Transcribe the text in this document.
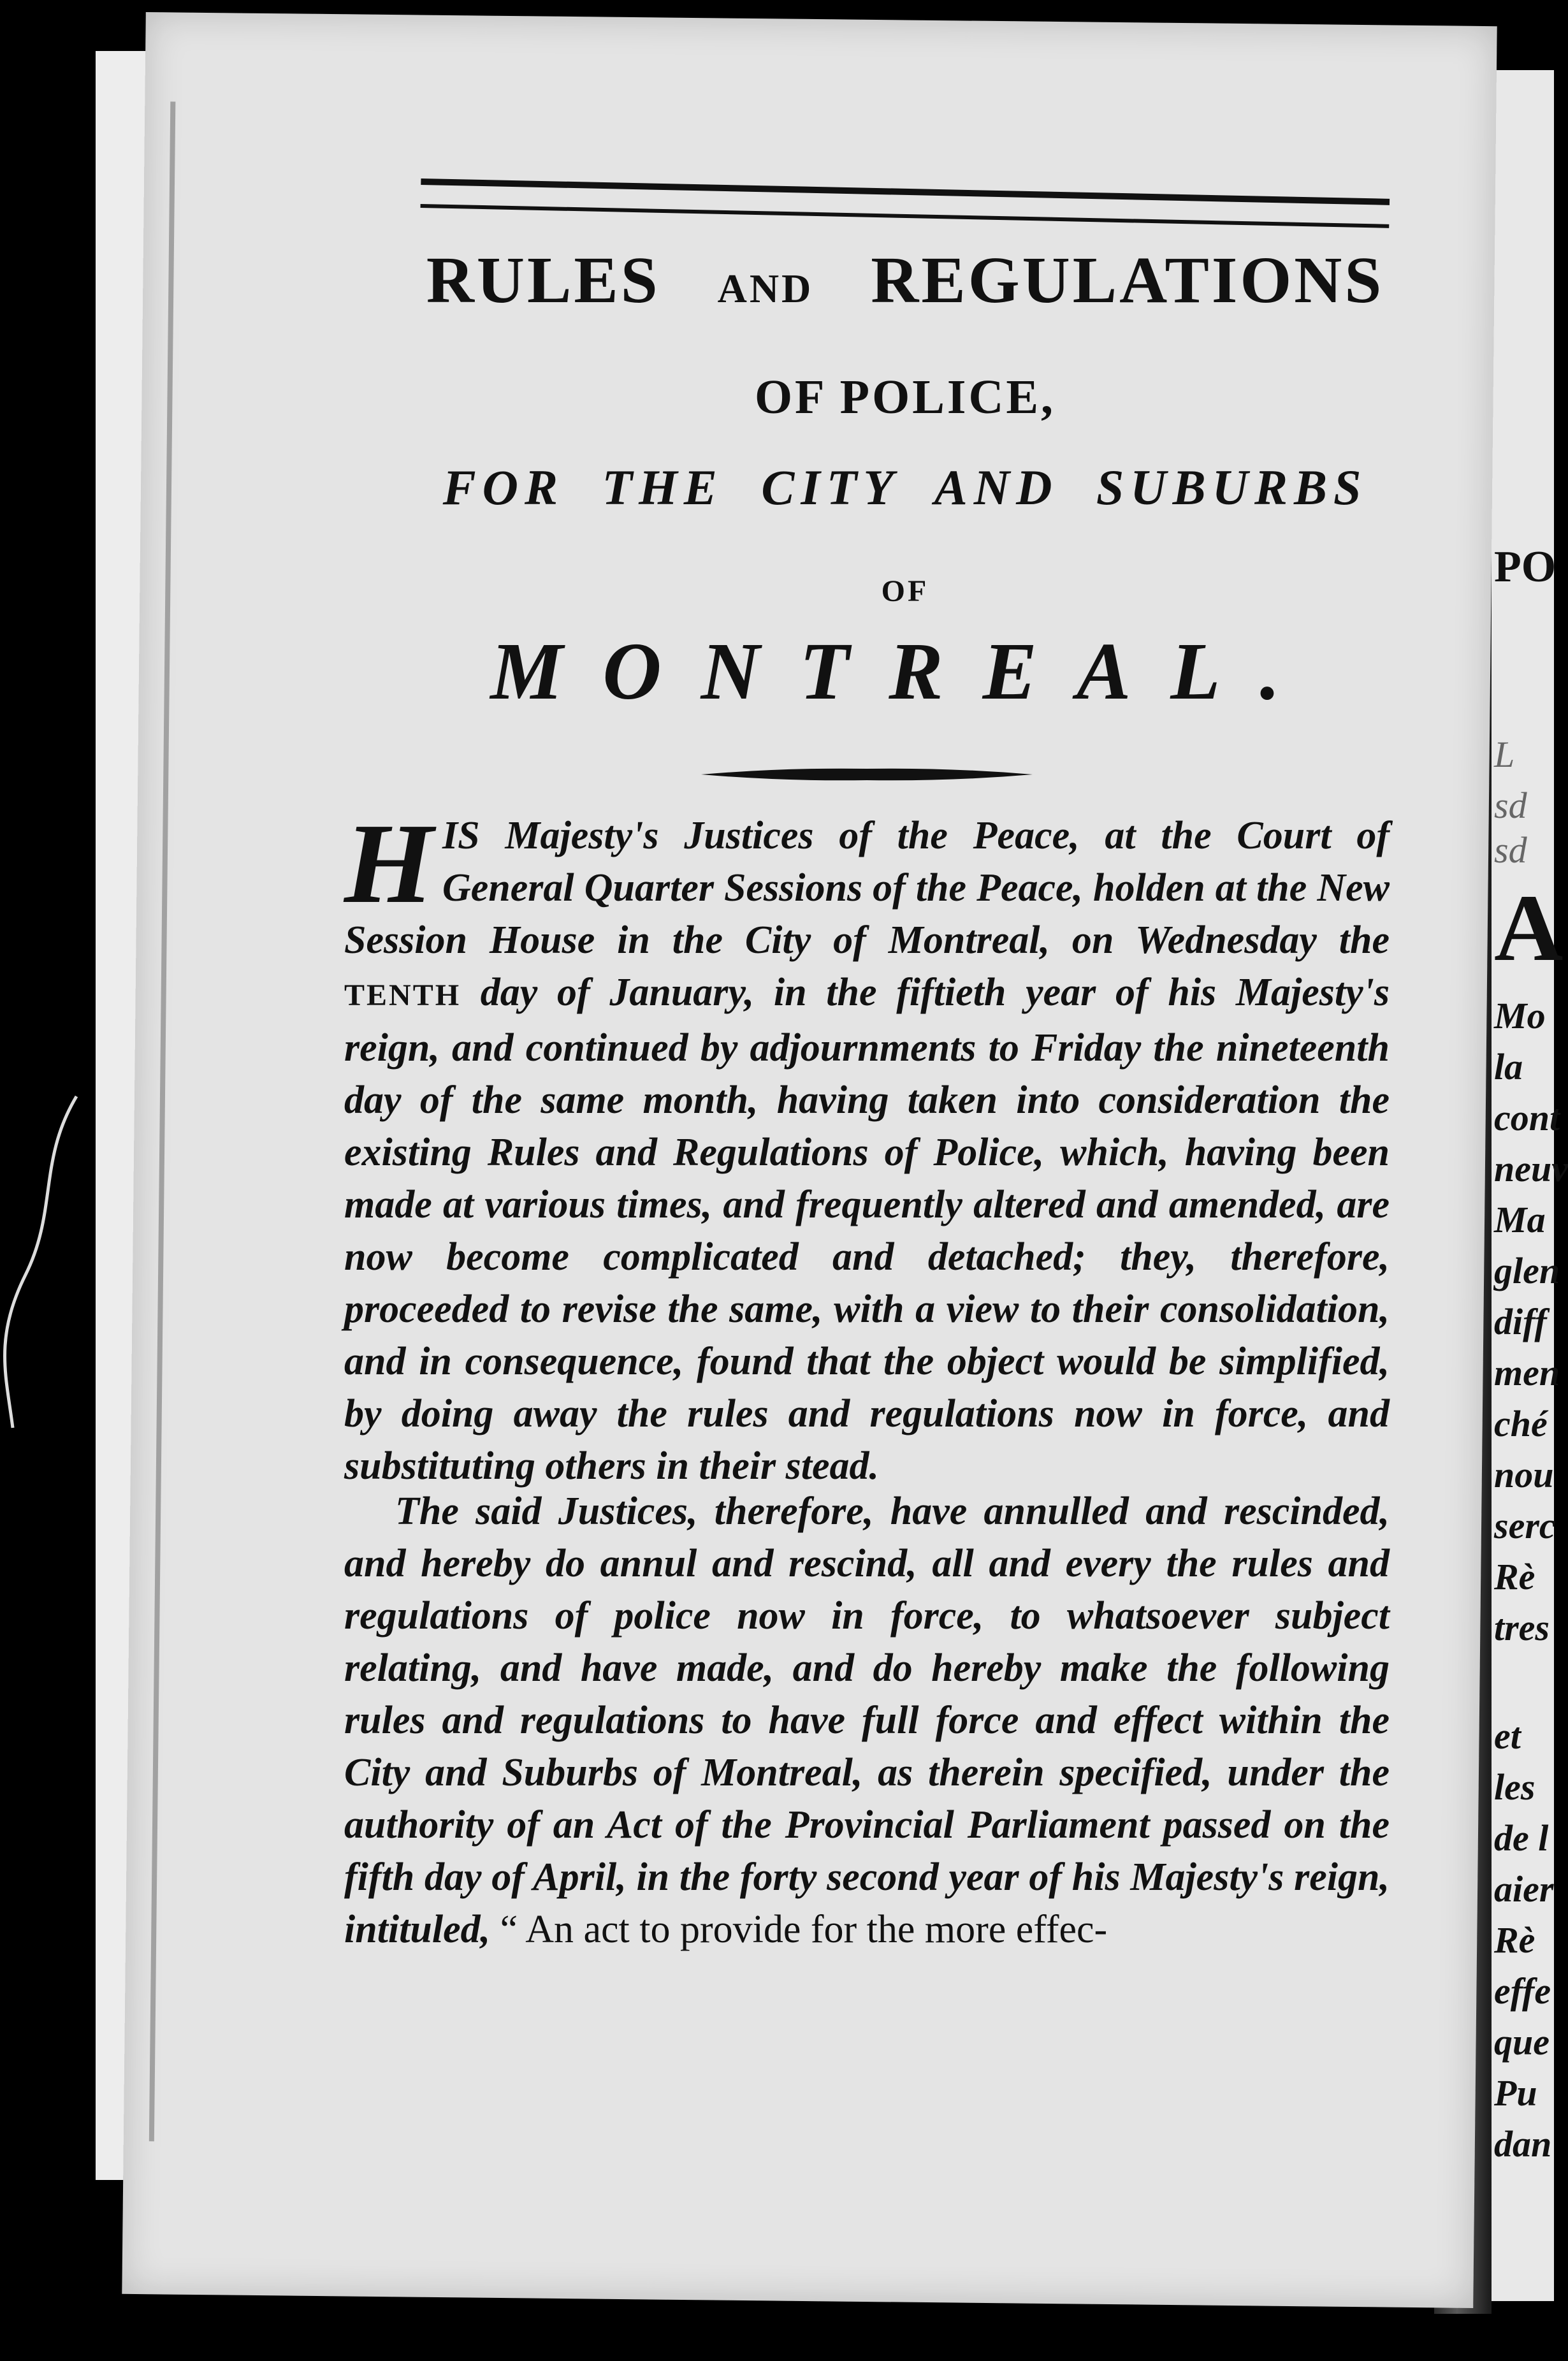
PO
L
sd
sd
A
Mo
la
cont
neuv
Ma
glen
diff
men
ché
nou
serc
Rè
tres
et
les
de l
aier
Rè
effe
que
Pu
dan
RULES AND REGULATIONS
OF POLICE,
FOR THE CITY AND SUBURBS
OF
MONTREAL.
H IS Majesty's Justices of the Peace, at the Court of General Quarter Sessions of the Peace, holden at the New Session House in the City of Montreal, on Wednesday the TENTH day of January, in the fiftieth year of his Majesty's reign, and continued by adjournments to Friday the nineteenth day of the same month, having taken into consideration the existing Rules and Regulations of Police, which, having been made at various times, and frequently altered and amended, are now become complicated and detached; they, therefore, proceeded to revise the same, with a view to their consolidation, and in consequence, found that the object would be simplified, by doing away the rules and regulations now in force, and substituting others in their stead.
The said Justices, therefore, have annulled and rescinded, and hereby do annul and rescind, all and every the rules and regulations of police now in force, to whatsoever subject relating, and have made, and do hereby make the following rules and regulations to have full force and effect within the City and Suburbs of Montreal, as therein specified, under the authority of an Act of the Provincial Parliament passed on the fifth day of April, in the forty second year of his Majesty's reign, intituled, “ An act to provide for the more effec-
